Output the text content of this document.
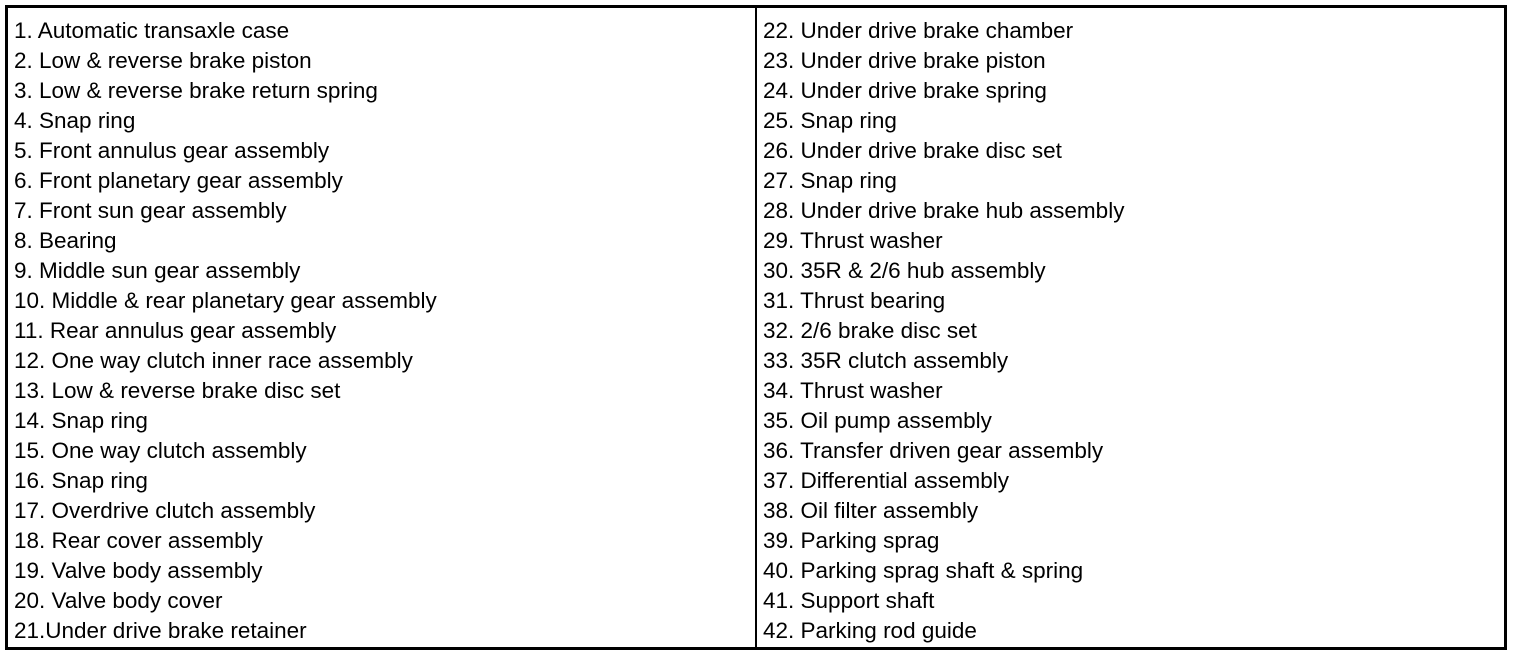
1. Automatic transaxle case
2. Low & reverse brake piston
3. Low & reverse brake return spring
4. Snap ring
5. Front annulus gear assembly
6. Front planetary gear assembly
7. Front sun gear assembly
8. Bearing
9. Middle sun gear assembly
10. Middle & rear planetary gear assembly
11. Rear annulus gear assembly
12. One way clutch inner race assembly
13. Low & reverse brake disc set
14. Snap ring
15. One way clutch assembly
16. Snap ring
17. Overdrive clutch assembly
18. Rear cover assembly
19. Valve body assembly
20. Valve body cover
21.Under drive brake retainer
22. Under drive brake chamber
23. Under drive brake piston
24. Under drive brake spring
25. Snap ring
26. Under drive brake disc set
27. Snap ring
28. Under drive brake hub assembly
29. Thrust washer
30. 35R & 2/6 hub assembly
31. Thrust bearing
32. 2/6 brake disc set
33. 35R clutch assembly
34. Thrust washer
35. Oil pump assembly
36. Transfer driven gear assembly
37. Differential assembly
38. Oil filter assembly
39. Parking sprag
40. Parking sprag shaft & spring
41. Support shaft
42. Parking rod guide
